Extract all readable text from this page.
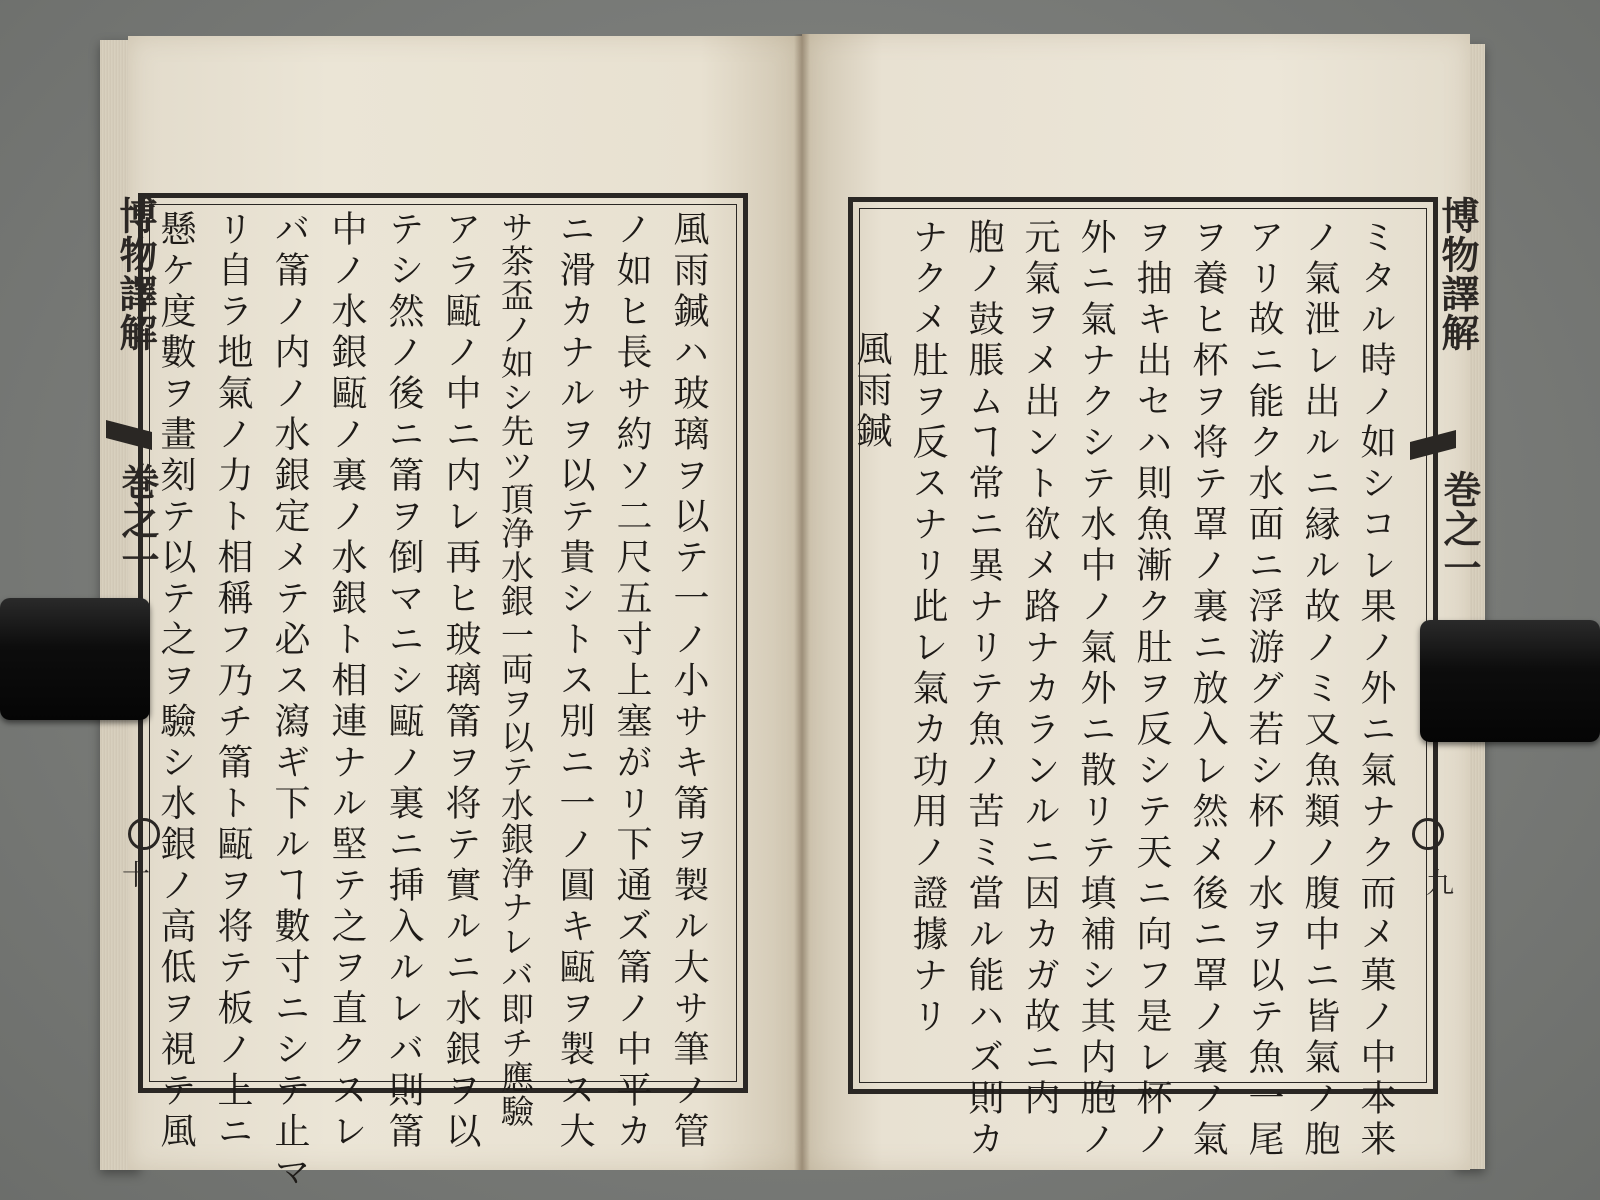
博物譯解
巻之一
十
博物譯解
巻之一
九
風雨鍼ハ玻璃ヲ以テ一ノ小サキ筩ヲ製ル大サ筆ノ管
ノ如ヒ長サ約ソ二尺五寸上塞がリ下通ズ筩ノ中平カ
ニ滑カナルヲ以テ貴シトス別ニ一ノ圓キ甌ヲ製ス大
サ茶盃ノ如シ先ツ頂浄水銀一両ヲ以テ水銀浄ナレバ即チ應驗
アラ甌ノ中ニ内レ再ヒ玻璃筩ヲ将テ實ルニ水銀ヲ以
テシ然ノ後ニ筩ヲ倒マニシ甌ノ裏ニ挿入ルレバ則筩
中ノ水銀甌ノ裏ノ水銀ト相連ナル堅テ之ヲ直クスレ
バ筩ノ内ノ水銀定メテ必ス瀉ギ下ルヿ數寸ニシテ止マ
リ自ラ地氣ノ力ト相稱フ乃チ筩ト甌ヲ将テ板ノ上ニ
懸ケ度數ヲ畫刻テ以テ之ヲ驗シ水銀ノ高低ヲ視テ風	ミタル時ノ如シコレ果ノ外ニ氣ナク而メ菓ノ中本来
ノ氣泄レ出ルニ縁ル故ノミ又魚類ノ腹中ニ皆氣ノ胞
アリ故ニ能ク水面ニ浮游グ若シ杯ノ水ヲ以テ魚一尾
ヲ養ヒ杯ヲ将テ罩ノ裏ニ放入レ然メ後ニ罩ノ裏ノ氣
ヲ抽キ出セハ則魚漸ク肚ヲ反シテ天ニ向フ是レ杯ノ
外ニ氣ナクシテ水中ノ氣外ニ散リテ填補シ其内胞ノ
元氣ヲメ出ント欲メ路ナカランルニ因カガ故ニ内
胞ノ鼓脹ムヿ常ニ異ナリテ魚ノ苦ミ當ル能ハズ則カ
ナクメ肚ヲ反スナリ此レ氣カ功用ノ證據ナリ
風雨鍼
